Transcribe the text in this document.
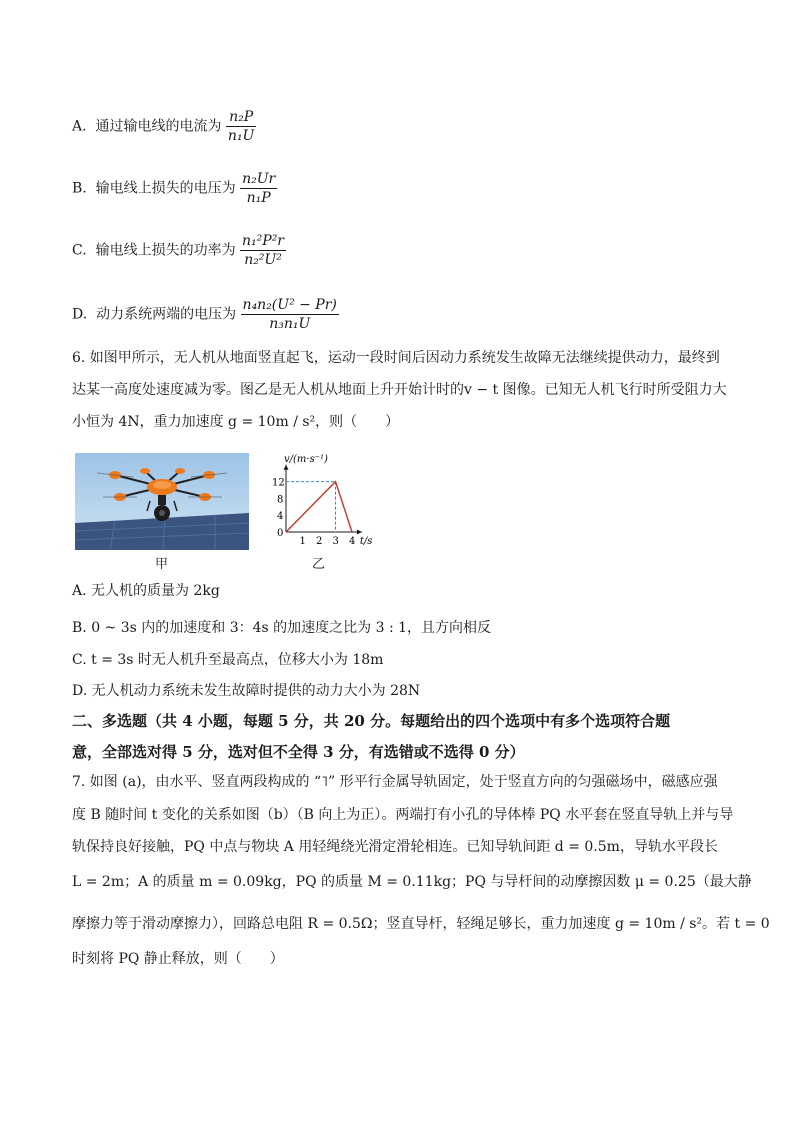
A. 通过输电线的电流为 $\frac{\text{n₂P}}{\text{n₁U}}$
B. 输电线上损失的电压为 $\frac{\text{n₂Ur}}{\text{n₁P}}$
C. 输电线上损失的功率为 $\frac{\text{n₁²P²r}}{\text{n₂²U²}}$
D. 动力系统两端的电压为 $\frac{\text{n₄n₂(U² − Pr)}}{\text{n₃n₁U}}$
6. 如图甲所示，无人机从地面竖直起飞，运动一段时间后因动力系统发生故障无法继续提供动力，最终到
达某一高度处速度减为零。图乙是无人机从地面上升开始计时的v − t 图像。已知无人机飞行时所受阻力大
小恒为 4N，重力加速度 g = 10m / s²，则（　　）
甲
v/(m·s⁻¹)
t/s
0
1 2 3 4
4
8
12
乙
A. 无人机的质量为 2kg
B. 0 ~ 3s 内的加速度和 3：4s 的加速度之比为 3 : 1，且方向相反
C. t = 3s 时无人机升至最高点，位移大小为 18m
D. 无人机动力系统未发生故障时提供的动力大小为 28N
二、多选题（共 4 小题，每题 5 分，共 20 分。每题给出的四个选项中有多个选项符合题
意，全部选对得 5 分，选对但不全得 3 分，有选错或不选得 0 分）
7. 如图 (a)，由水平、竖直两段构成的 “˥” 形平行金属导轨固定，处于竖直方向的匀强磁场中，磁感应强
度 B 随时间 t 变化的关系如图（b）（B 向上为正）。两端打有小孔的导体棒 PQ 水平套在竖直导轨上并与导
轨保持良好接触，PQ 中点与物块 A 用轻绳绕光滑定滑轮相连。已知导轨间距 d = 0.5m，导轨水平段长
L = 2m；A 的质量 m = 0.09kg，PQ 的质量 M = 0.11kg；PQ 与导杆间的动摩擦因数 μ = 0.25（最大静
摩擦力等于滑动摩擦力），回路总电阻 R = 0.5Ω；竖直导杆，轻绳足够长，重力加速度 g = 10m / s²。若 t = 0
时刻将 PQ 静止释放，则（　　）
